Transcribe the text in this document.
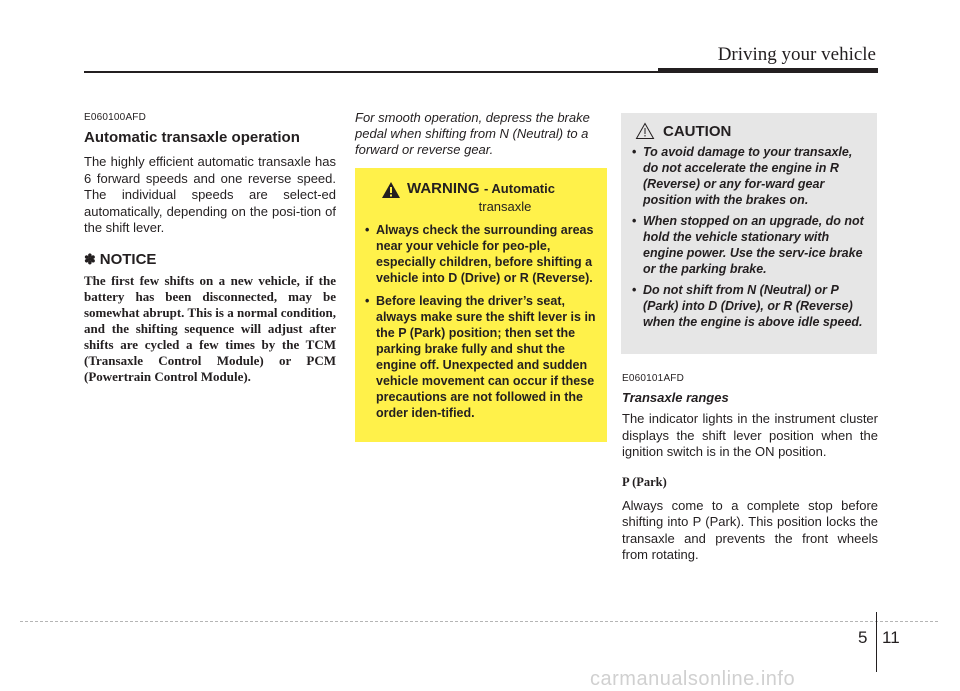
Driving your vehicle
E060100AFD
Automatic transaxle operation
The highly efficient automatic transaxle has 6 forward speeds and one reverse speed. The individual speeds are select-ed automatically, depending on the posi-tion of the shift lever.
✽ NOTICE
The first few shifts on a new vehicle, if the battery has been disconnected, may be somewhat abrupt. This is a normal condition, and the shifting sequence will adjust after shifts are cycled a few times by the TCM (Transaxle Control Module) or PCM (Powertrain Control Module).
For smooth operation, depress the brake pedal when shifting from N (Neutral) to a forward or reverse gear.
WARNING - Automatic
transaxle
• Always check the surrounding areas near your vehicle for peo-ple, especially children, before shifting a vehicle into D (Drive) or R (Reverse).
• Before leaving the driver’s seat, always make sure the shift lever is in the P (Park) position; then set the parking brake fully and shut the engine off. Unexpected and sudden vehicle movement can occur if these precautions are not followed in the order iden-tified.
CAUTION
• To avoid damage to your transaxle, do not accelerate the engine in R (Reverse) or any for-ward gear position with the brakes on.
• When stopped on an upgrade, do not hold the vehicle stationary with engine power. Use the serv-ice brake or the parking brake.
• Do not shift from N (Neutral) or P (Park) into D (Drive), or R (Reverse) when the engine is above idle speed.
E060101AFD
Transaxle ranges
The indicator lights in the instrument cluster displays the shift lever position when the ignition switch is in the ON position.
P (Park)
Always come to a complete stop before shifting into P (Park). This position locks the transaxle and prevents the front wheels from rotating.
5 11
carmanualsonline.info
